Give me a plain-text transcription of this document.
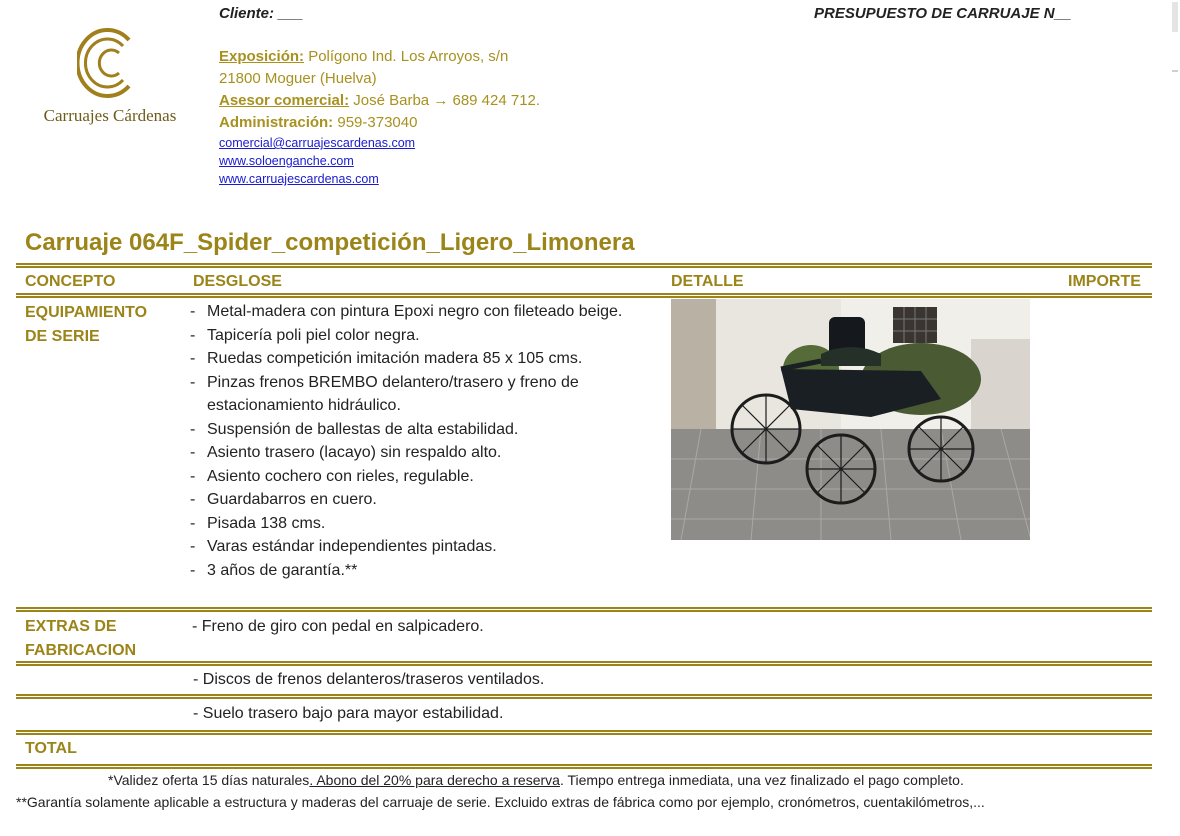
Carruajes Cárdenas
Cliente: ___	PRESUPUESTO DE CARRUAJE N__
Exposición: Polígono Ind. Los Arroyos, s/n
21800 Moguer (Huelva)
Asesor comercial: José Barba → 689 424 712.
Administración: 959-373040
comercial@carruajescardenas.com
www.soloenganche.com
www.carruajescardenas.com
Carruaje 064F_Spider_competición_Ligero_Limonera
CONCEPTO	DESGLOSE	DETALLE	IMPORTE
EQUIPAMIENTO
DE SERIE
- Metal-madera con pintura Epoxi negro con fileteado beige.
- Tapicería poli piel color negra.
- Ruedas competición imitación madera 85 x 105 cms.
- Pinzas frenos BREMBO delantero/trasero y freno de estacionamiento hidráulico.
- Suspensión de ballestas de alta estabilidad.
- Asiento trasero (lacayo) sin respaldo alto.
- Asiento cochero con rieles, regulable.
- Guardabarros en cuero.
- Pisada 138 cms.
- Varas estándar independientes pintadas.
- 3 años de garantía.**
EXTRAS DE
FABRICACION
- Freno de giro con pedal en salpicadero.
- Discos de frenos delanteros/traseros ventilados.
- Suelo trasero bajo para mayor estabilidad.
TOTAL
*Validez oferta 15 días naturales. Abono del 20% para derecho a reserva. Tiempo entrega inmediata, una vez finalizado el pago completo.
**Garantía solamente aplicable a estructura y maderas del carruaje de serie. Excluido extras de fábrica como por ejemplo, cronómetros, cuentakilómetros,...
